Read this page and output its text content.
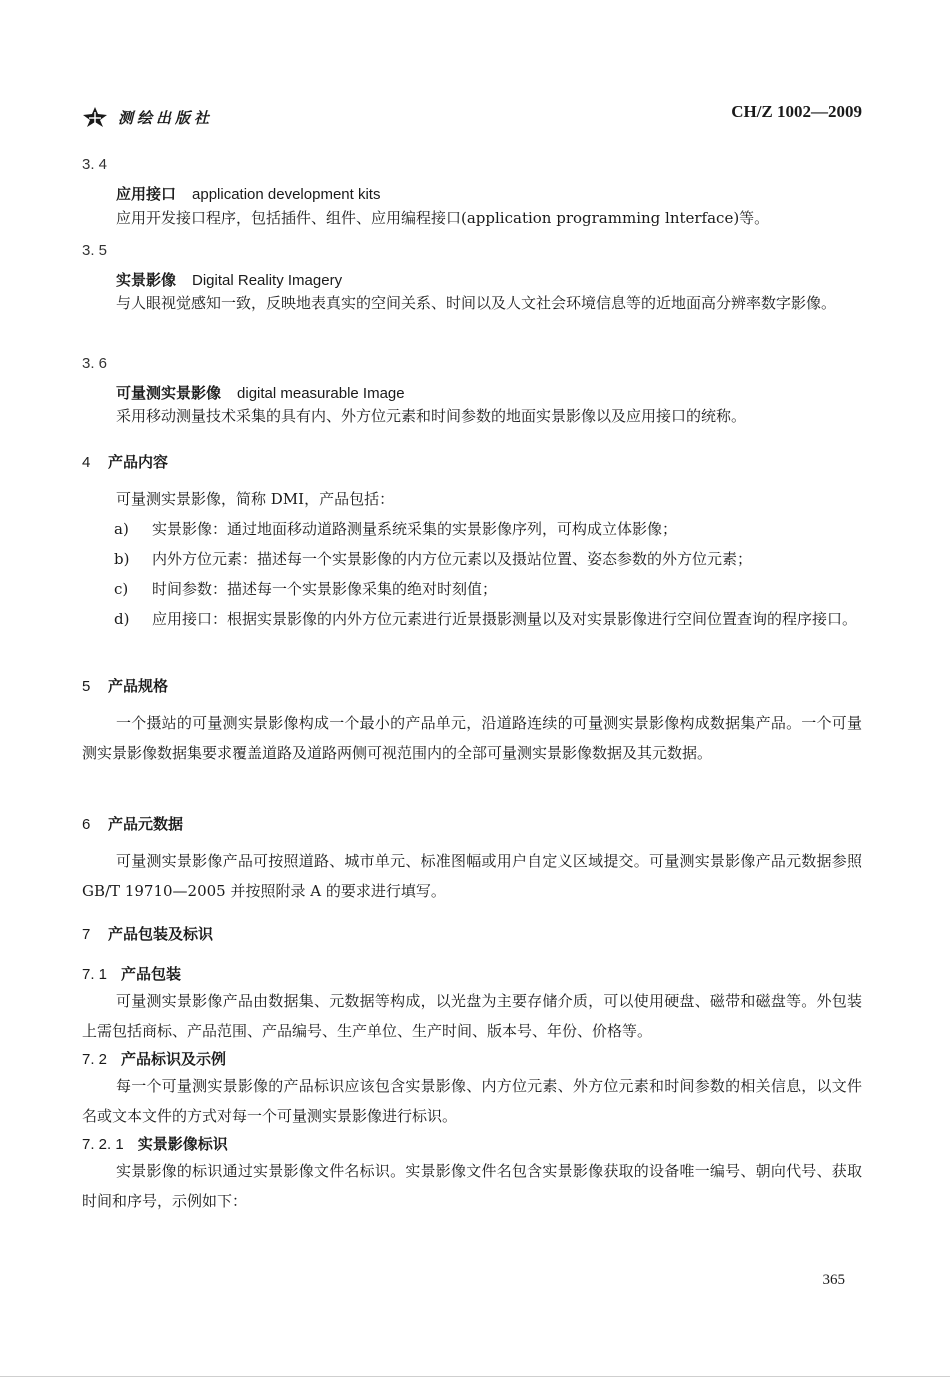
测绘出版社	CH/Z 1002—2009
3. 4
应用接口 application development kits
应用开发接口程序，包括插件、组件、应用编程接口(application programming lnterface)等。
3. 5
实景影像 Digital Reality Imagery
与人眼视觉感知一致，反映地表真实的空间关系、时间以及人文社会环境信息等的近地面高分辨率数字影像。
3. 6
可量测实景影像 digital measurable Image
采用移动测量技术采集的具有内、外方位元素和时间参数的地面实景影像以及应用接口的统称。
4 产品内容
可量测实景影像，简称 DMI，产品包括：
a)	实景影像：通过地面移动道路测量系统采集的实景影像序列，可构成立体影像；
b)	内外方位元素：描述每一个实景影像的内方位元素以及摄站位置、姿态参数的外方位元素；
c)	时间参数：描述每一个实景影像采集的绝对时刻值；
d)	应用接口：根据实景影像的内外方位元素进行近景摄影测量以及对实景影像进行空间位置查询的程序接口。
5 产品规格
一个摄站的可量测实景影像构成一个最小的产品单元，沿道路连续的可量测实景影像构成数据集产品。一个可量测实景影像数据集要求覆盖道路及道路两侧可视范围内的全部可量测实景影像数据及其元数据。
6 产品元数据
可量测实景影像产品可按照道路、城市单元、标准图幅或用户自定义区域提交。可量测实景影像产品元数据参照 GB/T 19710—2005 并按照附录 A 的要求进行填写。
7 产品包装及标识
7. 1 产品包装
可量测实景影像产品由数据集、元数据等构成，以光盘为主要存储介质，可以使用硬盘、磁带和磁盘等。外包装上需包括商标、产品范围、产品编号、生产单位、生产时间、版本号、年份、价格等。
7. 2 产品标识及示例
每一个可量测实景影像的产品标识应该包含实景影像、内方位元素、外方位元素和时间参数的相关信息，以文件名或文本文件的方式对每一个可量测实景影像进行标识。
7. 2. 1 实景影像标识
实景影像的标识通过实景影像文件名标识。实景影像文件名包含实景影像获取的设备唯一编号、朝向代号、获取时间和序号，示例如下：
365
